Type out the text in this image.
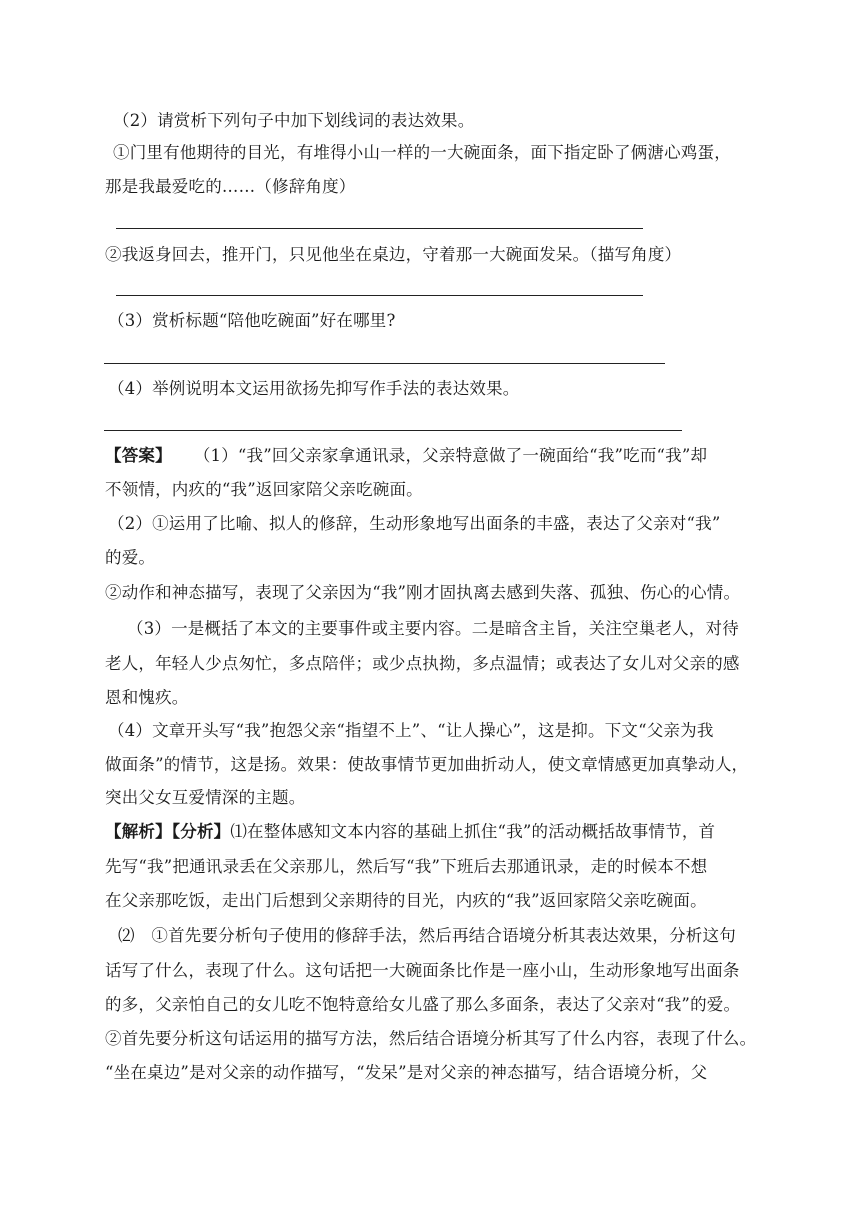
（2）请赏析下列句子中加下划线词的表达效果。
①门里有他期待的目光，有堆得小山一样的一大碗面条，面下指定卧了俩溏心鸡蛋，
那是我最爱吃的……（修辞角度）
②我返身回去，推开门，只见他坐在桌边，守着那一大碗面发呆。（描写角度）
（3）赏析标题“陪他吃碗面”好在哪里?
（4）举例说明本文运用欲扬先抑写作手法的表达效果。
【答案】 （1）“我”回父亲家拿通讯录，父亲特意做了一碗面给“我”吃而“我”却
不领情，内疚的“我”返回家陪父亲吃碗面。
（2）①运用了比喻、拟人的修辞，生动形象地写出面条的丰盛，表达了父亲对“我”
的爱。
②动作和神态描写，表现了父亲因为“我”刚才固执离去感到失落、孤独、伤心的心情。
（3）一是概括了本文的主要事件或主要内容。二是暗含主旨，关注空巢老人，对待
老人，年轻人少点匆忙，多点陪伴；或少点执拗，多点温情；或表达了女儿对父亲的感
恩和愧疚。
（4）文章开头写“我”抱怨父亲“指望不上”、“让人操心”，这是抑。下文“父亲为我
做面条”的情节，这是扬。效果：使故事情节更加曲折动人，使文章情感更加真挚动人，
突出父女互爱情深的主题。
【解析】【分析】⑴在整体感知文本内容的基础上抓住“我”的活动概括故事情节，首
先写“我”把通讯录丢在父亲那儿，然后写“我”下班后去那通讯录，走的时候本不想
在父亲那吃饭，走出门后想到父亲期待的目光，内疚的“我”返回家陪父亲吃碗面。
⑵　①首先要分析句子使用的修辞手法，然后再结合语境分析其表达效果，分析这句
话写了什么，表现了什么。这句话把一大碗面条比作是一座小山，生动形象地写出面条
的多，父亲怕自己的女儿吃不饱特意给女儿盛了那么多面条，表达了父亲对“我”的爱。
②首先要分析这句话运用的描写方法，然后结合语境分析其写了什么内容，表现了什么。
“坐在桌边”是对父亲的动作描写，“发呆”是对父亲的神态描写，结合语境分析，父
